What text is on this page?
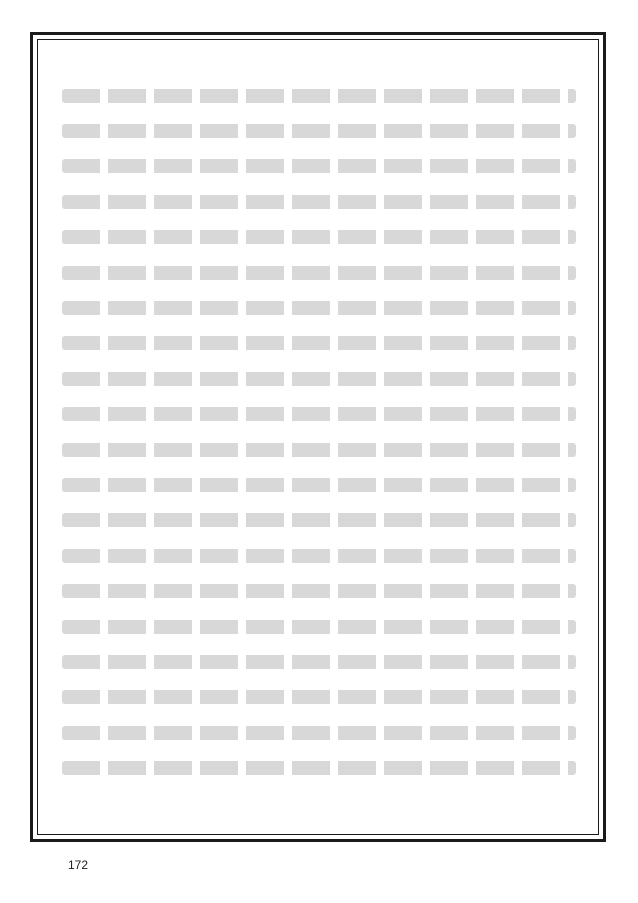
172
